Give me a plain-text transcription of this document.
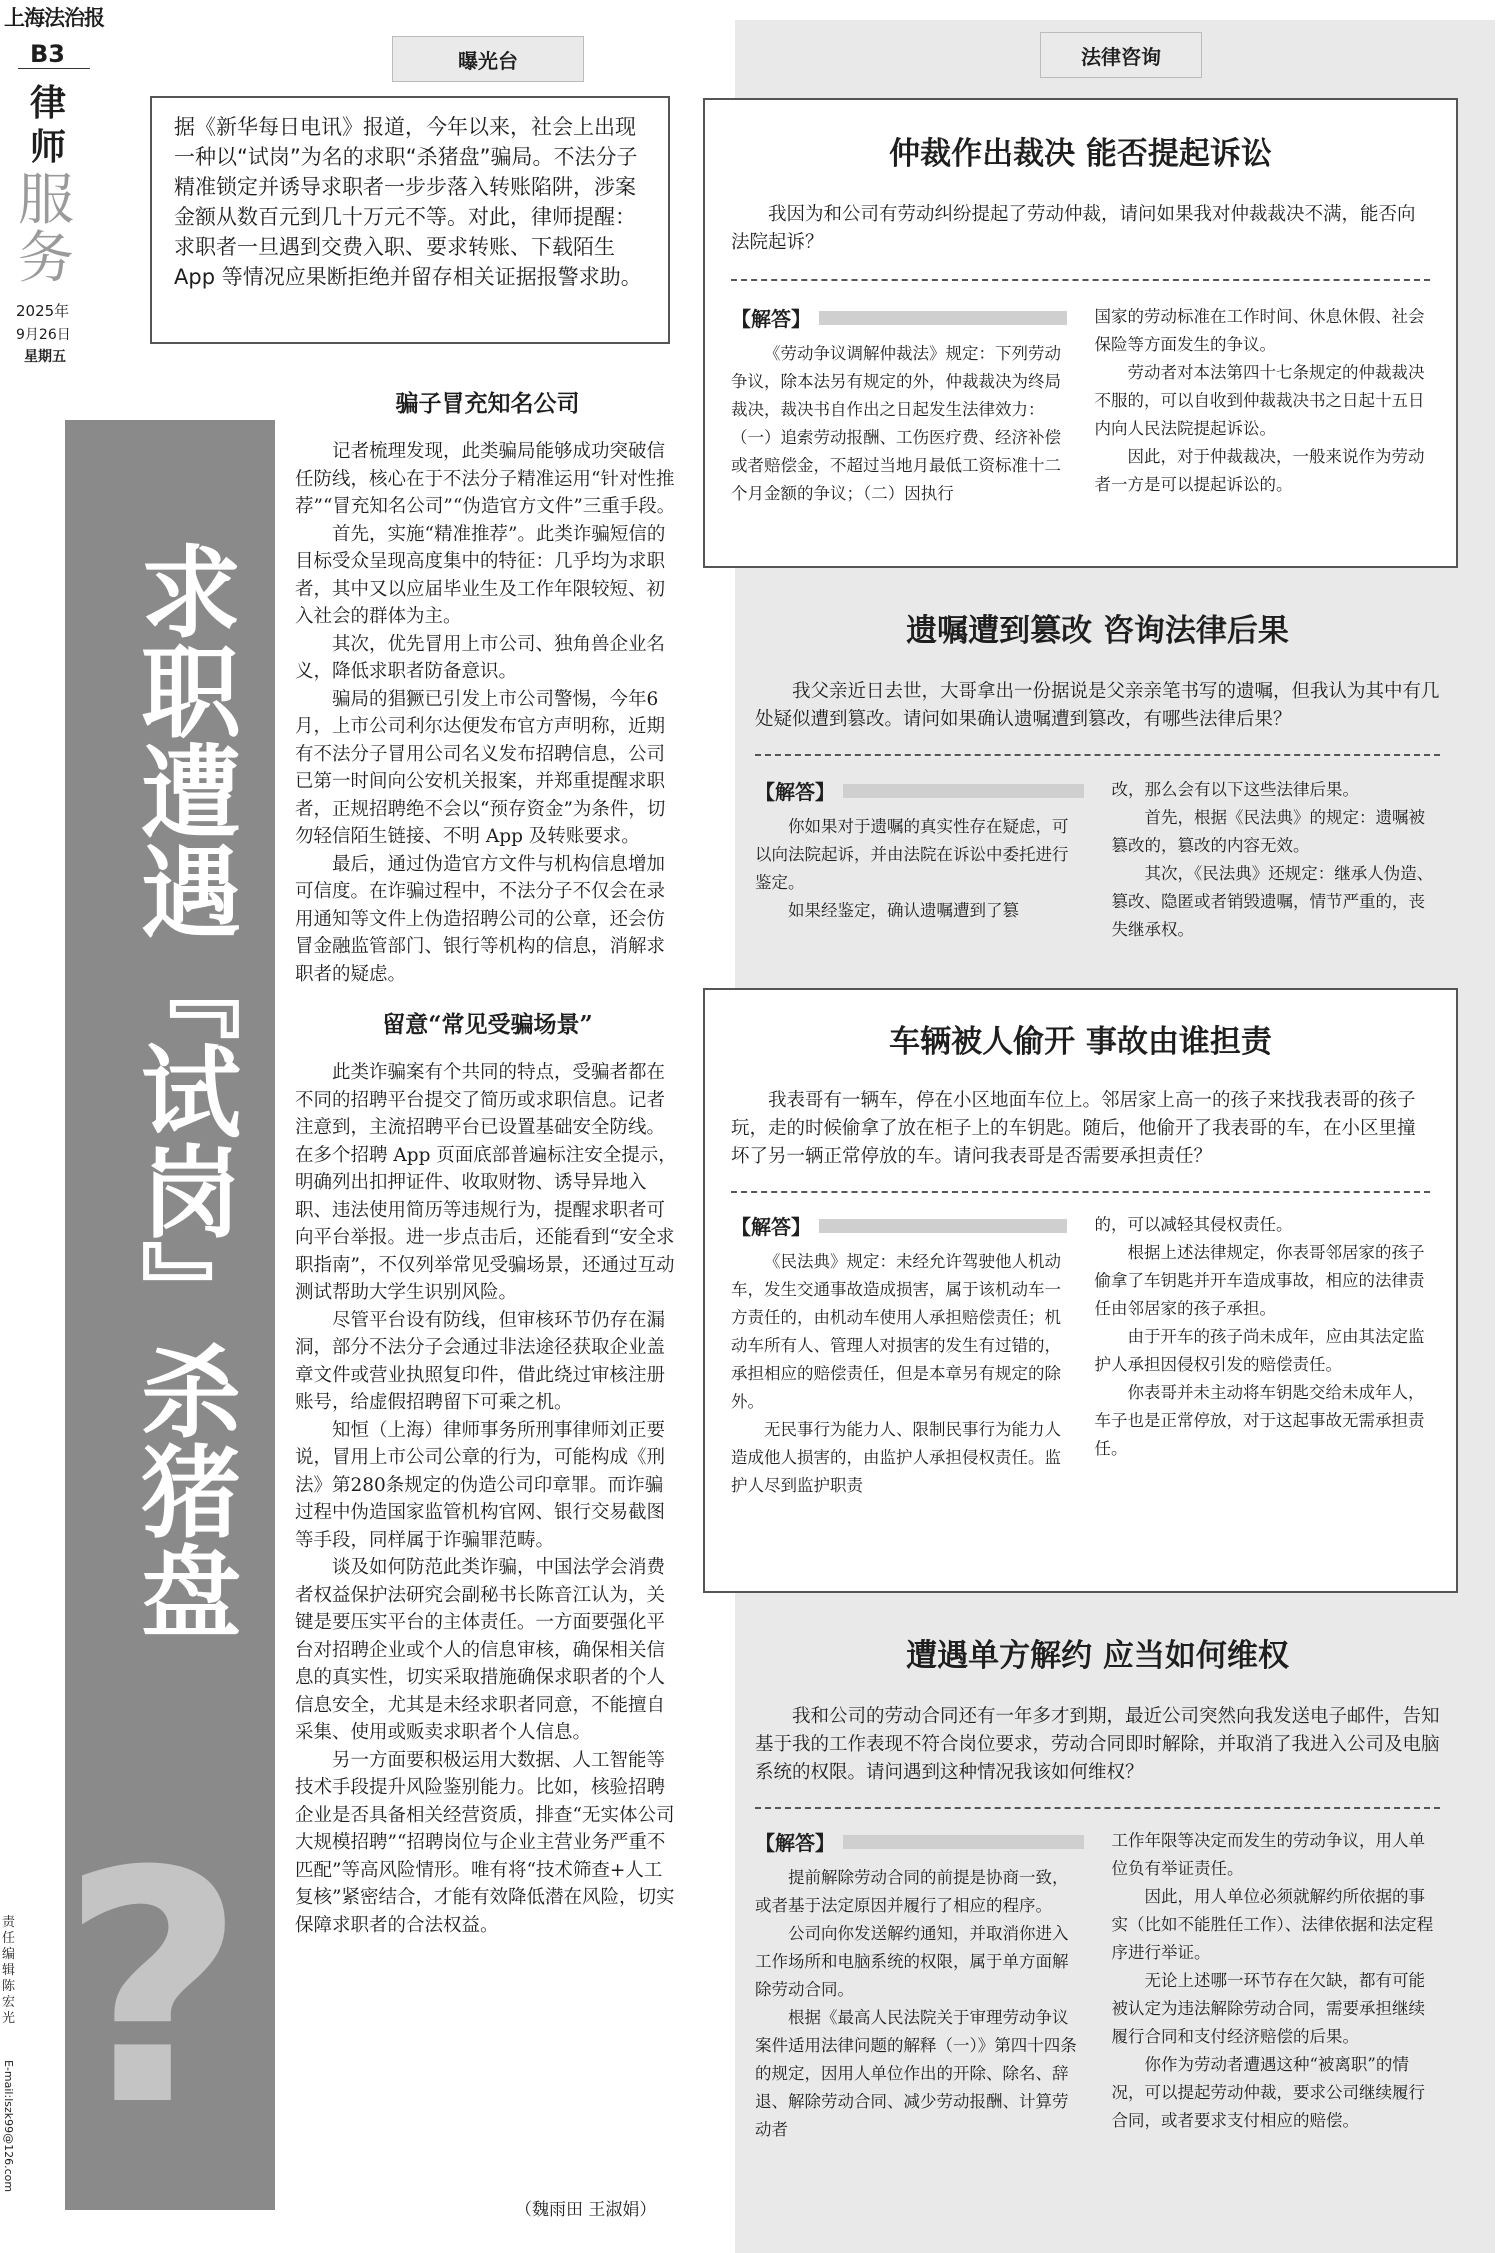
上海法治报
B3
律师
服务
2025年
9月26日
星期五
?
求职遭遇『试岗』杀猪盘
责任编辑 陈宏光
E-mail:lszk99@126.com
曝光台	法律咨询
据《新华每日电讯》报道，今年以来，社会上出现一种以“试岗”为名的求职“杀猪盘”骗局。不法分子精准锁定并诱导求职者一步步落入转账陷阱，涉案金额从数百元到几十万元不等。对此，律师提醒：求职者一旦遇到交费入职、要求转账、下载陌生 App 等情况应果断拒绝并留存相关证据报警求助。
骗子冒充知名公司

记者梳理发现，此类骗局能够成功突破信任防线，核心在于不法分子精准运用“针对性推荐”“冒充知名公司”“伪造官方文件”三重手段。

首先，实施“精准推荐”。此类诈骗短信的目标受众呈现高度集中的特征：几乎均为求职者，其中又以应届毕业生及工作年限较短、初入社会的群体为主。

其次，优先冒用上市公司、独角兽企业名义，降低求职者防备意识。

骗局的猖獗已引发上市公司警惕，今年6月，上市公司利尔达便发布官方声明称，近期有不法分子冒用公司名义发布招聘信息，公司已第一时间向公安机关报案，并郑重提醒求职者，正规招聘绝不会以“预存资金”为条件，切勿轻信陌生链接、不明 App 及转账要求。

最后，通过伪造官方文件与机构信息增加可信度。在诈骗过程中，不法分子不仅会在录用通知等文件上伪造招聘公司的公章，还会仿冒金融监管部门、银行等机构的信息，消解求职者的疑虑。

留意“常见受骗场景”

此类诈骗案有个共同的特点，受骗者都在不同的招聘平台提交了简历或求职信息。记者注意到，主流招聘平台已设置基础安全防线。在多个招聘 App 页面底部普遍标注安全提示，明确列出扣押证件、收取财物、诱导异地入职、违法使用简历等违规行为，提醒求职者可向平台举报。进一步点击后，还能看到“安全求职指南”，不仅列举常见受骗场景，还通过互动测试帮助大学生识别风险。

尽管平台设有防线，但审核环节仍存在漏洞，部分不法分子会通过非法途径获取企业盖章文件或营业执照复印件，借此绕过审核注册账号，给虚假招聘留下可乘之机。

知恒（上海）律师事务所刑事律师刘正要说，冒用上市公司公章的行为，可能构成《刑法》第280条规定的伪造公司印章罪。而诈骗过程中伪造国家监管机构官网、银行交易截图等手段，同样属于诈骗罪范畴。

谈及如何防范此类诈骗，中国法学会消费者权益保护法研究会副秘书长陈音江认为，关键是要压实平台的主体责任。一方面要强化平台对招聘企业或个人的信息审核，确保相关信息的真实性，切实采取措施确保求职者的个人信息安全，尤其是未经求职者同意，不能擅自采集、使用或贩卖求职者个人信息。

另一方面要积极运用大数据、人工智能等技术手段提升风险鉴别能力。比如，核验招聘企业是否具备相关经营资质，排查“无实体公司大规模招聘”“招聘岗位与企业主营业务严重不匹配”等高风险情形。唯有将“技术筛查+人工复核”紧密结合，才能有效降低潜在风险，切实保障求职者的合法权益。

（魏雨田 王淑娟）
仲裁作出裁决 能否提起诉讼

我因为和公司有劳动纠纷提起了劳动仲裁，请问如果我对仲裁裁决不满，能否向法院起诉？

【解答】

《劳动争议调解仲裁法》规定：下列劳动争议，除本法另有规定的外，仲裁裁决为终局裁决，裁决书自作出之日起发生法律效力：（一）追索劳动报酬、工伤医疗费、经济补偿或者赔偿金，不超过当地月最低工资标准十二个月金额的争议；（二）因执行

国家的劳动标准在工作时间、休息休假、社会保险等方面发生的争议。

劳动者对本法第四十七条规定的仲裁裁决不服的，可以自收到仲裁裁决书之日起十五日内向人民法院提起诉讼。

因此，对于仲裁裁决，一般来说作为劳动者一方是可以提起诉讼的。

遗嘱遭到篡改 咨询法律后果

我父亲近日去世，大哥拿出一份据说是父亲亲笔书写的遗嘱，但我认为其中有几处疑似遭到篡改。请问如果确认遗嘱遭到篡改，有哪些法律后果？

【解答】

你如果对于遗嘱的真实性存在疑虑，可以向法院起诉，并由法院在诉讼中委托进行鉴定。

如果经鉴定，确认遗嘱遭到了篡

改，那么会有以下这些法律后果。

首先，根据《民法典》的规定：遗嘱被篡改的，篡改的内容无效。

其次，《民法典》还规定：继承人伪造、篡改、隐匿或者销毁遗嘱，情节严重的，丧失继承权。

车辆被人偷开 事故由谁担责

我表哥有一辆车，停在小区地面车位上。邻居家上高一的孩子来找我表哥的孩子玩，走的时候偷拿了放在柜子上的车钥匙。随后，他偷开了我表哥的车，在小区里撞坏了另一辆正常停放的车。请问我表哥是否需要承担责任？

【解答】

《民法典》规定：未经允许驾驶他人机动车，发生交通事故造成损害，属于该机动车一方责任的，由机动车使用人承担赔偿责任；机动车所有人、管理人对损害的发生有过错的，承担相应的赔偿责任，但是本章另有规定的除外。

无民事行为能力人、限制民事行为能力人造成他人损害的，由监护人承担侵权责任。监护人尽到监护职责

的，可以减轻其侵权责任。

根据上述法律规定，你表哥邻居家的孩子偷拿了车钥匙并开车造成事故，相应的法律责任由邻居家的孩子承担。

由于开车的孩子尚未成年，应由其法定监护人承担因侵权引发的赔偿责任。

你表哥并未主动将车钥匙交给未成年人，车子也是正常停放，对于这起事故无需承担责任。

遭遇单方解约 应当如何维权

我和公司的劳动合同还有一年多才到期，最近公司突然向我发送电子邮件，告知基于我的工作表现不符合岗位要求，劳动合同即时解除，并取消了我进入公司及电脑系统的权限。请问遇到这种情况我该如何维权？

【解答】

提前解除劳动合同的前提是协商一致，或者基于法定原因并履行了相应的程序。

公司向你发送解约通知，并取消你进入工作场所和电脑系统的权限，属于单方面解除劳动合同。

根据《最高人民法院关于审理劳动争议案件适用法律问题的解释（一）》第四十四条的规定，因用人单位作出的开除、除名、辞退、解除劳动合同、减少劳动报酬、计算劳动者

工作年限等决定而发生的劳动争议，用人单位负有举证责任。

因此，用人单位必须就解约所依据的事实（比如不能胜任工作）、法律依据和法定程序进行举证。

无论上述哪一环节存在欠缺，都有可能被认定为违法解除劳动合同，需要承担继续履行合同和支付经济赔偿的后果。

你作为劳动者遭遇这种“被离职”的情况，可以提起劳动仲裁，要求公司继续履行合同，或者要求支付相应的赔偿。
